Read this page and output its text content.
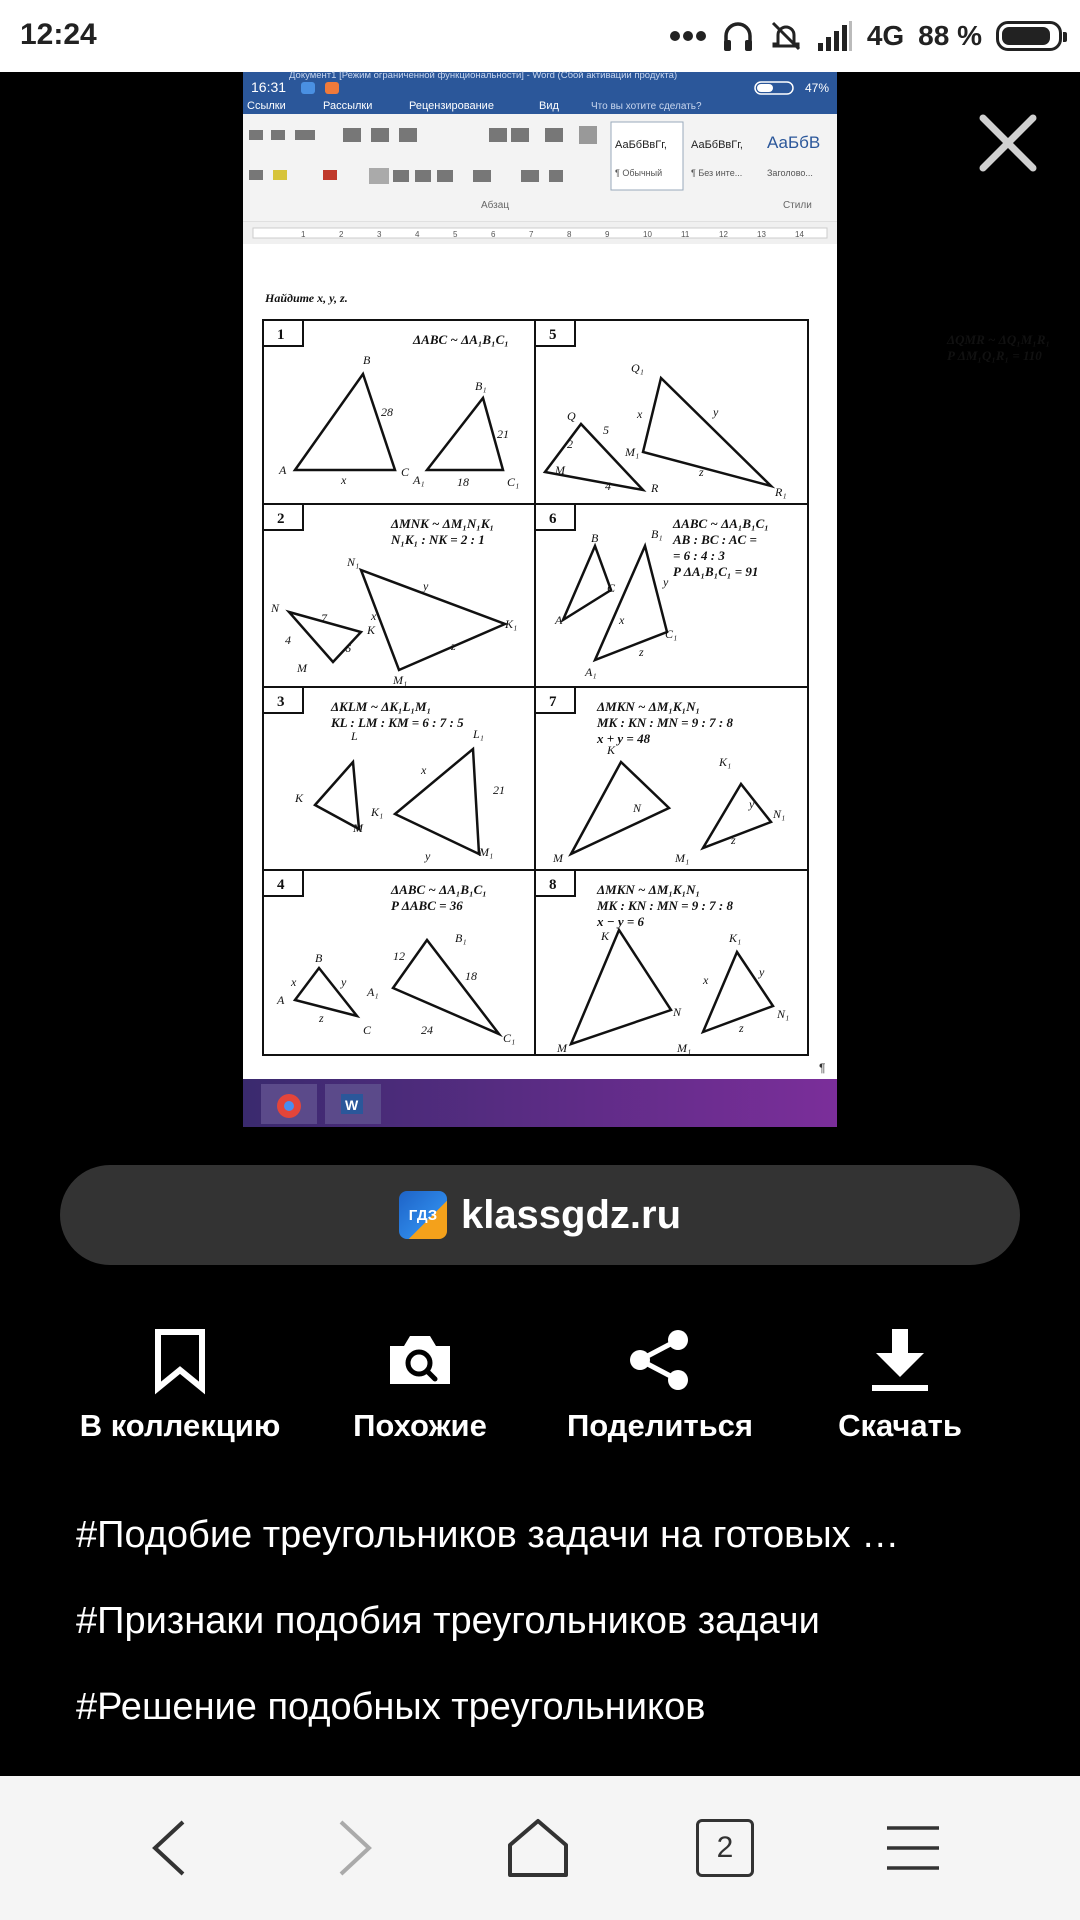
12:24	4G 88 %
Документ1 [Режим ограниченной функциональности] - Word (Сбой активации продукта)
16:31	47%
Ссылки	Рассылки	Рецензирование	Вид	Что вы хотите сделать?
АаБбВвГг,
¶ Обычный
АаБбВвГг,
¶ Без инте...
АаБбВ
Заголово...
Абзац	Стили
1	2	3	4	5	6	7	8	9	10	11	12	13	14
Найдите x, y, z.
1	ΔABC ~ ΔA₁B₁C₁	5	ΔQMR ~ ΔQ₁M₁R₁
P ΔM₁Q₁R₁ = 110
2	ΔMNK ~ ΔM₁N₁K₁
N₁K₁ : NK = 2 : 1
6	ΔABC ~ ΔA₁B₁C₁
AB : BC : AC =
= 6 : 4 : 3
P ΔA₁B₁C₁ = 91
3	ΔKLM ~ ΔK₁L₁M₁
KL : LM : KM = 6 : 7 : 5
7	ΔMKN ~ ΔM₁K₁N₁
MK : KN : MN = 9 : 7 : 8
x + y = 48
4	ΔABC ~ ΔA₁B₁C₁
P ΔABC = 36
8	ΔMKN ~ ΔM₁K₁N₁
MK : KN : MN = 9 : 7 : 8
x − y = 6
B
28
A
x
C
B₁
21
A₁	18	C₁
Q₁
x	y
Q
5
2
M₁
M
4	R
z
R₁
N₁
y
x
N
7
4
K
6
M
M₁
z
K₁
B	B₁
C
A
y
x
C₁
z
A₁
L	L₁
x
K
21
K₁
M
y	M₁
K
K₁
y
N	N₁
M	M₁
z
B₁
B	12
18
x	y
A₁
A
z
C	24
C₁
K	K₁
y
x
N	N₁
M	M₁
z
¶
W
ГДЗ klassgdz.ru
В коллекцию	Похожие	Поделиться	Скачать
#Подобие треугольников задачи на готовых …
#Признаки подобия треугольников задачи
#Решение подобных треугольников
2
